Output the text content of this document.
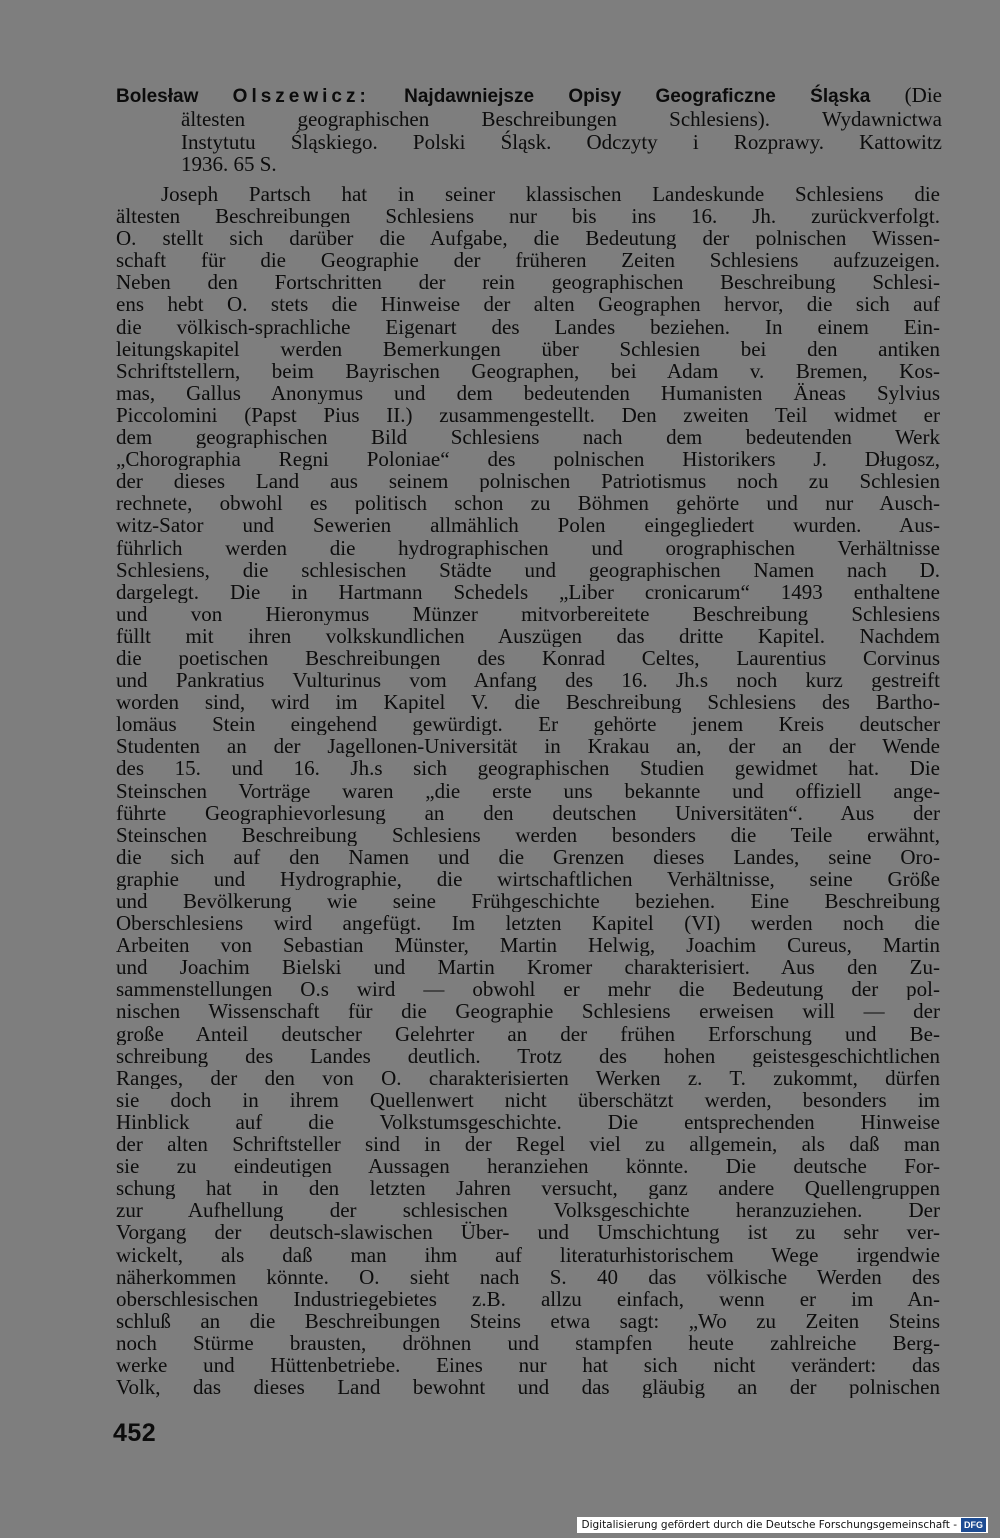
Bolesław Olszewicz: Najdawniejsze Opisy Geograficzne Śląska (Die
ältesten geographischen Beschreibungen Schlesiens). Wydawnictwa
Instytutu Śląskiego. Polski Śląsk. Odczyty i Rozprawy. Kattowitz
1936. 65 S.
Joseph Partsch hat in seiner klassischen Landeskunde Schlesiens die
ältesten Beschreibungen Schlesiens nur bis ins 16. Jh. zurückverfolgt.
O. stellt sich darüber die Aufgabe, die Bedeutung der polnischen Wissen-
schaft für die Geographie der früheren Zeiten Schlesiens aufzuzeigen.
Neben den Fortschritten der rein geographischen Beschreibung Schlesi-
ens hebt O. stets die Hinweise der alten Geographen hervor, die sich auf
die völkisch-sprachliche Eigenart des Landes beziehen. In einem Ein-
leitungskapitel werden Bemerkungen über Schlesien bei den antiken
Schriftstellern, beim Bayrischen Geographen, bei Adam v. Bremen, Kos-
mas, Gallus Anonymus und dem bedeutenden Humanisten Äneas Sylvius
Piccolomini (Papst Pius II.) zusammengestellt. Den zweiten Teil widmet er
dem geographischen Bild Schlesiens nach dem bedeutenden Werk
„Chorographia Regni Poloniae“ des polnischen Historikers J. Długosz,
der dieses Land aus seinem polnischen Patriotismus noch zu Schlesien
rechnete, obwohl es politisch schon zu Böhmen gehörte und nur Ausch-
witz-Sator und Sewerien allmählich Polen eingegliedert wurden. Aus-
führlich werden die hydrographischen und orographischen Verhältnisse
Schlesiens, die schlesischen Städte und geographischen Namen nach D.
dargelegt. Die in Hartmann Schedels „Liber cronicarum“ 1493 enthaltene
und von Hieronymus Münzer mitvorbereitete Beschreibung Schlesiens
füllt mit ihren volkskundlichen Auszügen das dritte Kapitel. Nachdem
die poetischen Beschreibungen des Konrad Celtes, Laurentius Corvinus
und Pankratius Vulturinus vom Anfang des 16. Jh.s noch kurz gestreift
worden sind, wird im Kapitel V. die Beschreibung Schlesiens des Bartho-
lomäus Stein eingehend gewürdigt. Er gehörte jenem Kreis deutscher
Studenten an der Jagellonen-Universität in Krakau an, der an der Wende
des 15. und 16. Jh.s sich geographischen Studien gewidmet hat. Die
Steinschen Vorträge waren „die erste uns bekannte und offiziell ange-
führte Geographievorlesung an den deutschen Universitäten“. Aus der
Steinschen Beschreibung Schlesiens werden besonders die Teile erwähnt,
die sich auf den Namen und die Grenzen dieses Landes, seine Oro-
graphie und Hydrographie, die wirtschaftlichen Verhältnisse, seine Größe
und Bevölkerung wie seine Frühgeschichte beziehen. Eine Beschreibung
Oberschlesiens wird angefügt. Im letzten Kapitel (VI) werden noch die
Arbeiten von Sebastian Münster, Martin Helwig, Joachim Cureus, Martin
und Joachim Bielski und Martin Kromer charakterisiert. Aus den Zu-
sammenstellungen O.s wird — obwohl er mehr die Bedeutung der pol-
nischen Wissenschaft für die Geographie Schlesiens erweisen will — der
große Anteil deutscher Gelehrter an der frühen Erforschung und Be-
schreibung des Landes deutlich. Trotz des hohen geistesgeschichtlichen
Ranges, der den von O. charakterisierten Werken z. T. zukommt, dürfen
sie doch in ihrem Quellenwert nicht überschätzt werden, besonders im
Hinblick auf die Volkstumsgeschichte. Die entsprechenden Hinweise
der alten Schriftsteller sind in der Regel viel zu allgemein, als daß man
sie zu eindeutigen Aussagen heranziehen könnte. Die deutsche For-
schung hat in den letzten Jahren versucht, ganz andere Quellengruppen
zur Aufhellung der schlesischen Volksgeschichte heranzuziehen. Der
Vorgang der deutsch-slawischen Über- und Umschichtung ist zu sehr ver-
wickelt, als daß man ihm auf literaturhistorischem Wege irgendwie
näherkommen könnte. O. sieht nach S. 40 das völkische Werden des
oberschlesischen Industriegebietes z.B. allzu einfach, wenn er im An-
schluß an die Beschreibungen Steins etwa sagt: „Wo zu Zeiten Steins
noch Stürme brausten, dröhnen und stampfen heute zahlreiche Berg-
werke und Hüttenbetriebe. Eines nur hat sich nicht verändert: das
Volk, das dieses Land bewohnt und das gläubig an der polnischen
452
Digitalisierung gefördert durch die Deutsche Forschungsgemeinschaft - DFG
